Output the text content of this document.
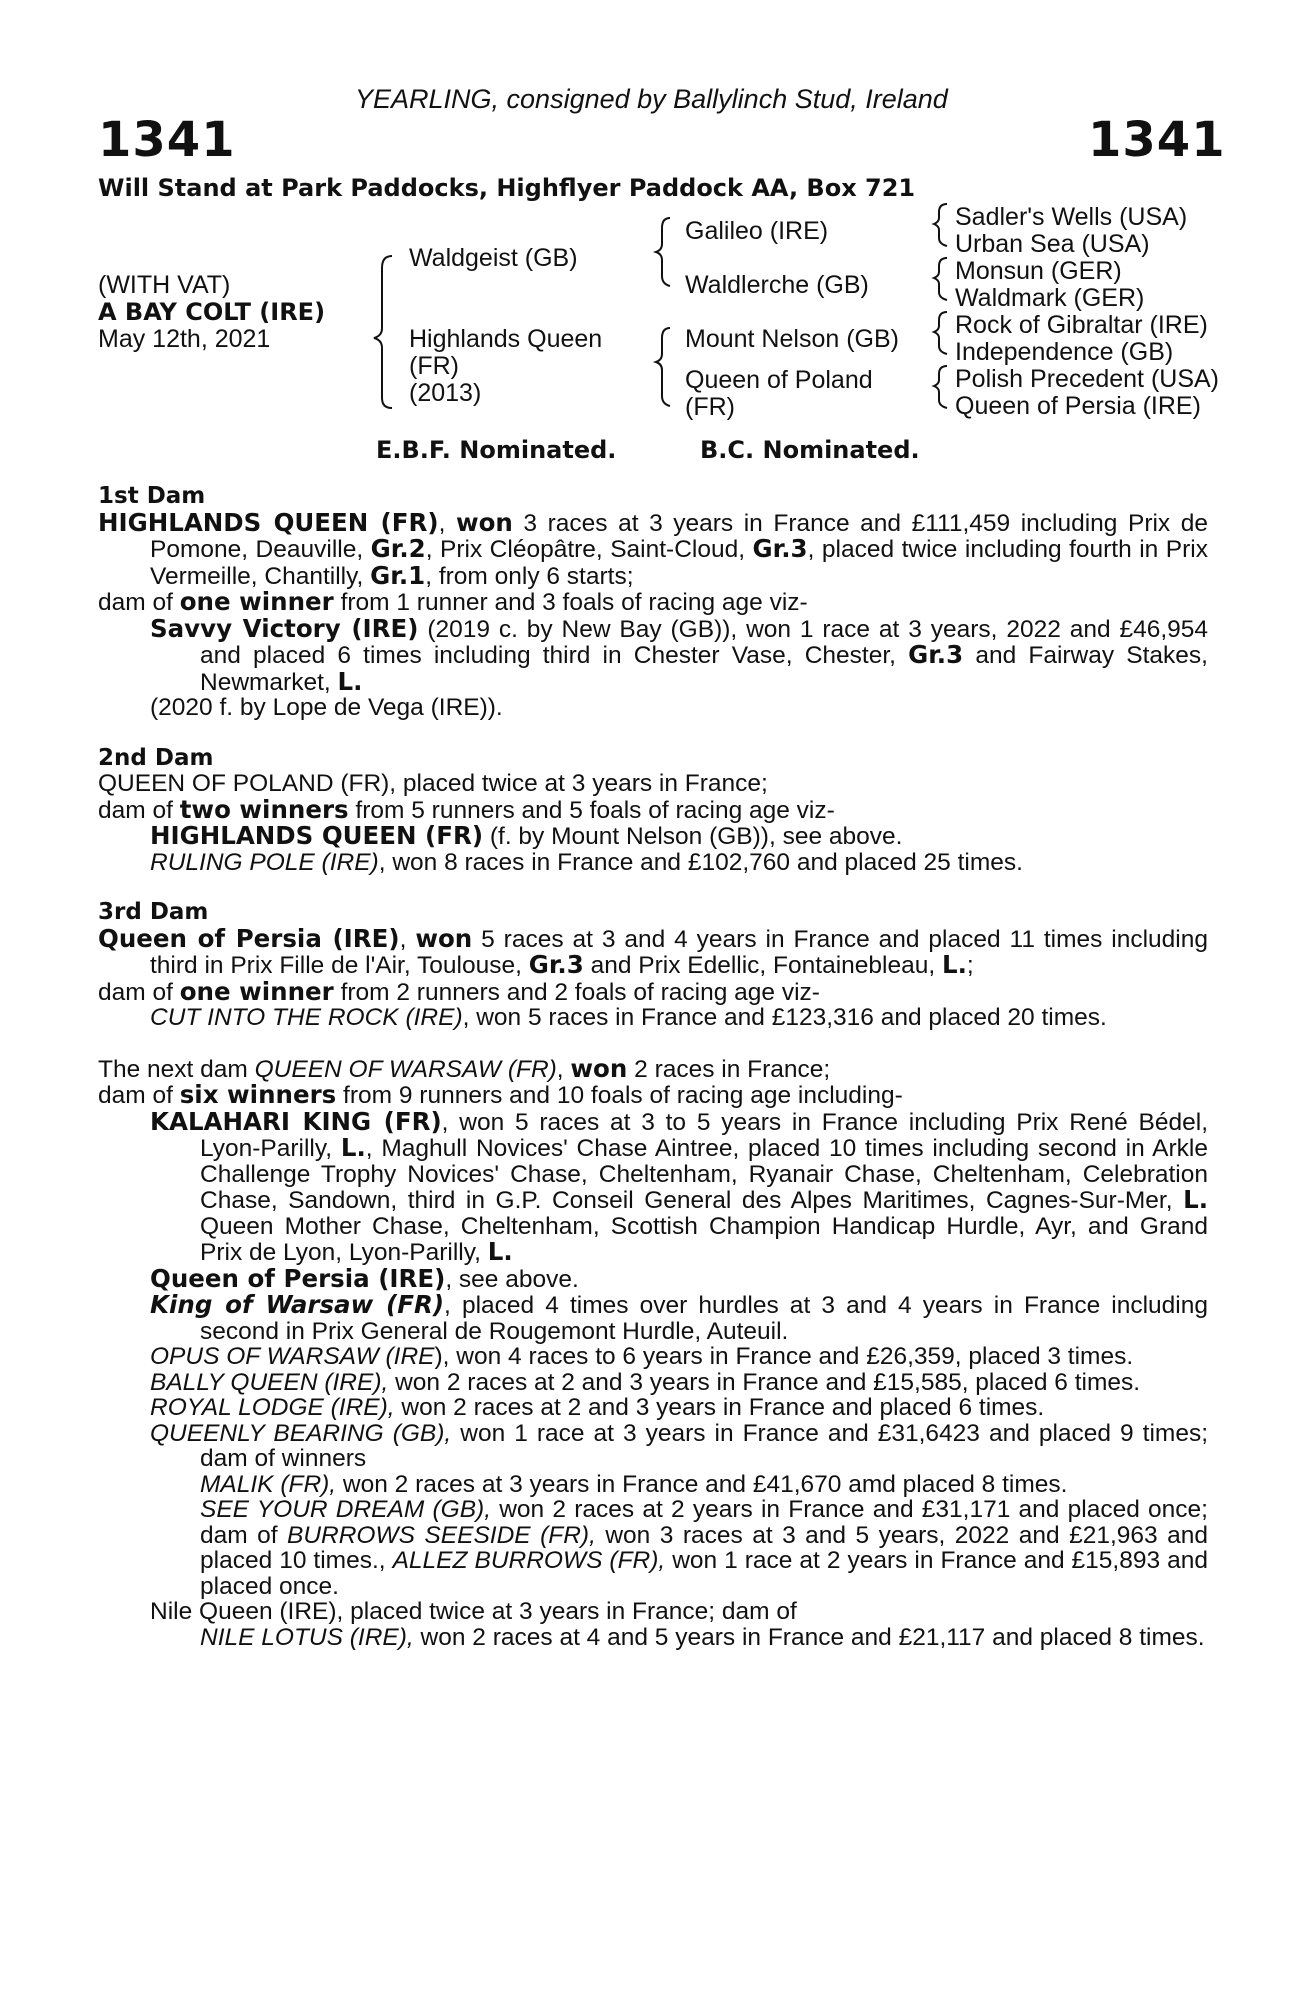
YEARLING, consigned by Ballylinch Stud, Ireland
1341	1341
Will Stand at Park Paddocks, Highflyer Paddock AA, Box 721
(WITH VAT)
A BAY COLT (IRE)
May 12th, 2021
Waldgeist (GB)
Highlands Queen
(FR)
(2013)
Galileo (IRE)
Waldlerche (GB)
Mount Nelson (GB)
Queen of Poland
(FR)
Sadler's Wells (USA)
Urban Sea (USA)
Monsun (GER)
Waldmark (GER)
Rock of Gibraltar (IRE)
Independence (GB)
Polish Precedent (USA)
Queen of Persia (IRE)
E.B.F. Nominated.	B.C. Nominated.

1st Dam

HIGHLANDS QUEEN (FR), won 3 races at 3 years in France and £111,459 including Prix de Pomone, Deauville, Gr.2, Prix Cléopâtre, Saint-Cloud, Gr.3, placed twice including fourth in Prix Vermeille, Chantilly, Gr.1, from only 6 starts;

dam of one winner from 1 runner and 3 foals of racing age viz-

Savvy Victory (IRE) (2019 c. by New Bay (GB)), won 1 race at 3 years, 2022 and £46,954 and placed 6 times including third in Chester Vase, Chester, Gr.3 and Fairway Stakes, Newmarket, L.

(2020 f. by Lope de Vega (IRE)).

2nd Dam

QUEEN OF POLAND (FR), placed twice at 3 years in France;

dam of two winners from 5 runners and 5 foals of racing age viz-

HIGHLANDS QUEEN (FR) (f. by Mount Nelson (GB)), see above.

RULING POLE (IRE), won 8 races in France and £102,760 and placed 25 times.

3rd Dam

Queen of Persia (IRE), won 5 races at 3 and 4 years in France and placed 11 times including third in Prix Fille de l'Air, Toulouse, Gr.3 and Prix Edellic, Fontainebleau, L.;

dam of one winner from 2 runners and 2 foals of racing age viz-

CUT INTO THE ROCK (IRE), won 5 races in France and £123,316 and placed 20 times.

The next dam QUEEN OF WARSAW (FR), won 2 races in France;

dam of six winners from 9 runners and 10 foals of racing age including-

KALAHARI KING (FR), won 5 races at 3 to 5 years in France including Prix René Bédel, Lyon-Parilly, L., Maghull Novices' Chase Aintree, placed 10 times including second in Arkle Challenge Trophy Novices' Chase, Cheltenham, Ryanair Chase, Cheltenham, Celebration Chase, Sandown, third in G.P. Conseil General des Alpes Maritimes, Cagnes-Sur-Mer, L. Queen Mother Chase, Cheltenham, Scottish Champion Handicap Hurdle, Ayr, and Grand Prix de Lyon, Lyon-Parilly, L.

Queen of Persia (IRE), see above.

King of Warsaw (FR), placed 4 times over hurdles at 3 and 4 years in France including second in Prix General de Rougemont Hurdle, Auteuil.

OPUS OF WARSAW (IRE), won 4 races to 6 years in France and £26,359, placed 3 times.

BALLY QUEEN (IRE), won 2 races at 2 and 3 years in France and £15,585, placed 6 times.

ROYAL LODGE (IRE), won 2 races at 2 and 3 years in France and placed 6 times.

QUEENLY BEARING (GB), won 1 race at 3 years in France and £31,6423 and placed 9 times; dam of winners

MALIK (FR), won 2 races at 3 years in France and £41,670 amd placed 8 times.

SEE YOUR DREAM (GB), won 2 races at 2 years in France and £31,171 and placed once; dam of BURROWS SEESIDE (FR), won 3 races at 3 and 5 years, 2022 and £21,963 and placed 10 times., ALLEZ BURROWS (FR), won 1 race at 2 years in France and £15,893 and placed once.

Nile Queen (IRE), placed twice at 3 years in France; dam of

NILE LOTUS (IRE), won 2 races at 4 and 5 years in France and £21,117 and placed 8 times.
